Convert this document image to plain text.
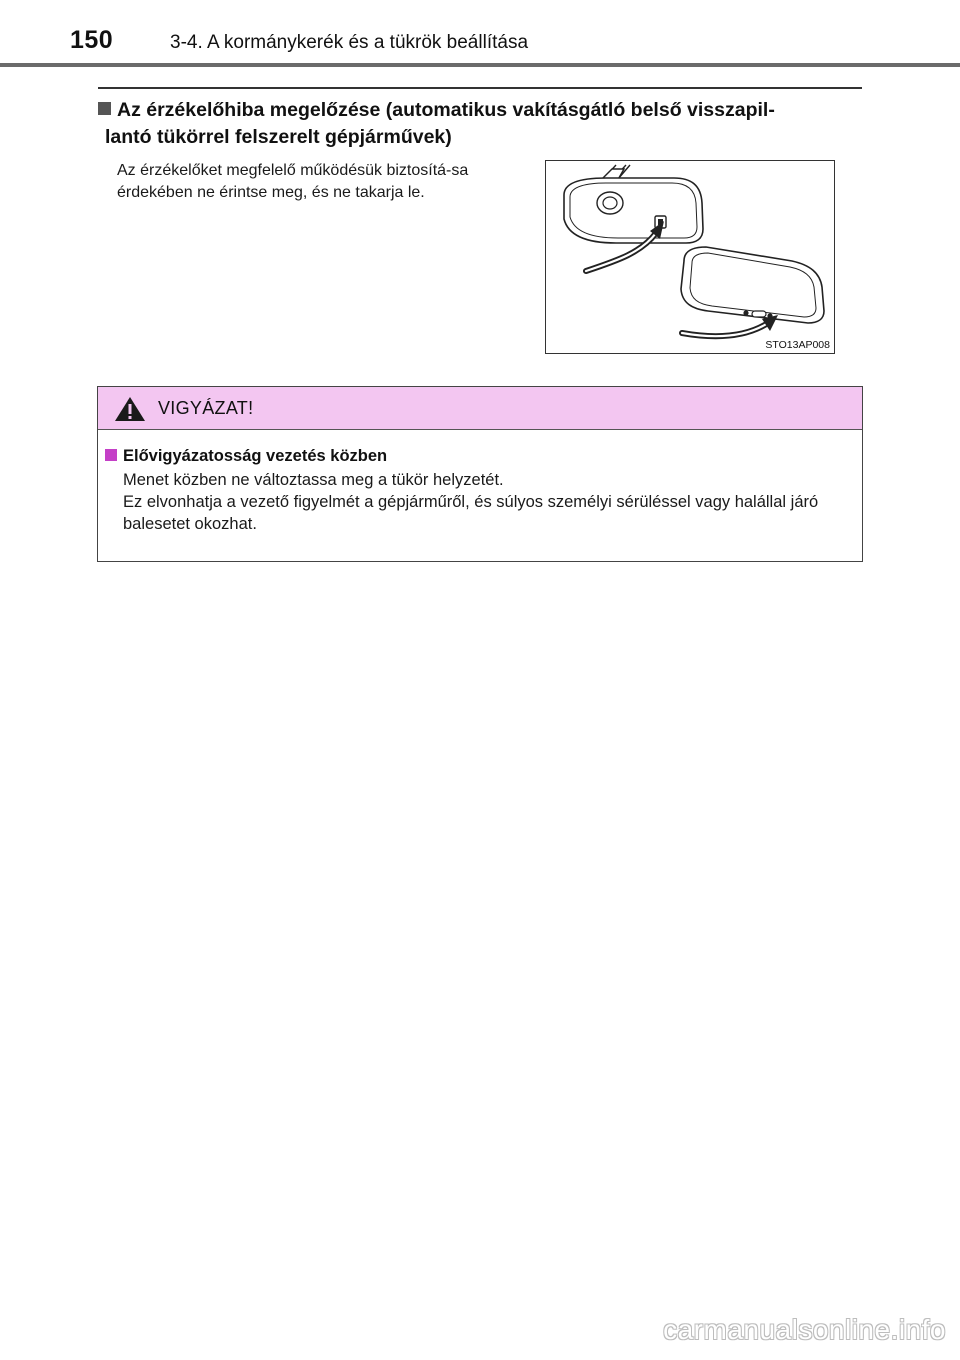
150	3-4. A kormánykerék és a tükrök beállítása
Az érzékelőhiba megelőzése (automatikus vakításgátló belső visszapil-
lantó tükörrel felszerelt gépjárművek)
Az érzékelőket megfelelő működésük biztosítá-sa érdekében ne érintse meg, és ne takarja le.
STO13AP008
VIGYÁZAT!
Elővigyázatosság vezetés közben

Menet közben ne változtassa meg a tükör helyzetét.

Ez elvonhatja a vezető figyelmét a gépjárműről, és súlyos személyi sérüléssel vagy halállal járó balesetet okozhat.

carmanualsonline.info
